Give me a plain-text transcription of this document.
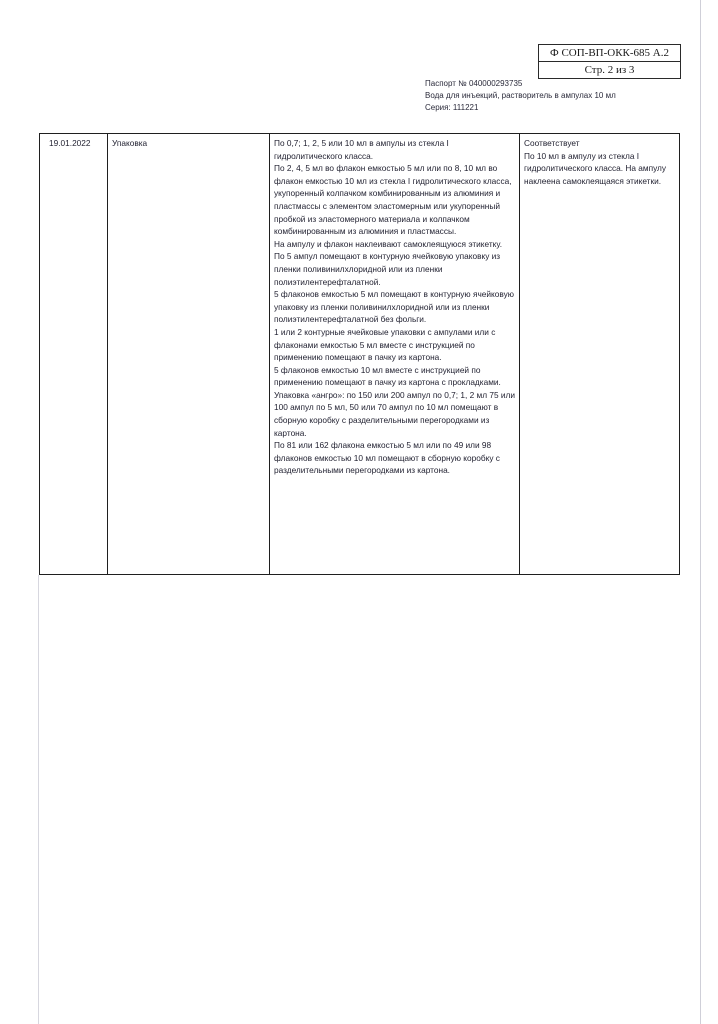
Ф СОП-ВП-ОКК-685 А.2
Стр. 2 из 3
Паспорт № 040000293735
Вода для инъекций, растворитель в ампулах 10 мл
Серия: 111221
19.01.2022	Упаковка	По 0,7; 1, 2, 5 или 10 мл в ампулы из стекла I гидролитического класса.
По 2, 4, 5 мл во флакон емкостью 5 мл или по 8, 10 мл во флакон емкостью 10 мл из стекла I гидролитического класса, укупоренный колпачком комбинированным из алюминия и пластмассы с элементом эластомерным или укупоренный пробкой из эластомерного материала и колпачком комбинированным из алюминия и пластмассы.
На ампулу и флакон наклеивают самоклеящуюся этикетку.
По 5 ампул помещают в контурную ячейковую упаковку из пленки поливинилхлоридной или из пленки полиэтилентерефталатной.
5 флаконов емкостью 5 мл помещают в контурную ячейковую упаковку из пленки поливинилхлоридной или из пленки полиэтилентерефталатной без фольги.
1 или 2 контурные ячейковые упаковки с ампулами или с флаконами емкостью 5 мл вместе с инструкцией по применению помещают в пачку из картона.
5 флаконов емкостью 10 мл вместе с инструкцией по применению помещают в пачку из картона с прокладками.
Упаковка «ангро»: по 150 или 200 ампул по 0,7; 1, 2 мл 75 или 100 ампул по 5 мл, 50 или 70 ампул по 10 мл помещают в сборную коробку с разделительными перегородками из картона.
По 81 или 162 флакона емкостью 5 мл или по 49 или 98 флаконов емкостью 10 мл помещают в сборную коробку с разделительными перегородками из картона.
Соответствует
По 10 мл в ампулу из стекла I гидролитического класса. На ампулу наклеена самоклеящаяся этикетки.
